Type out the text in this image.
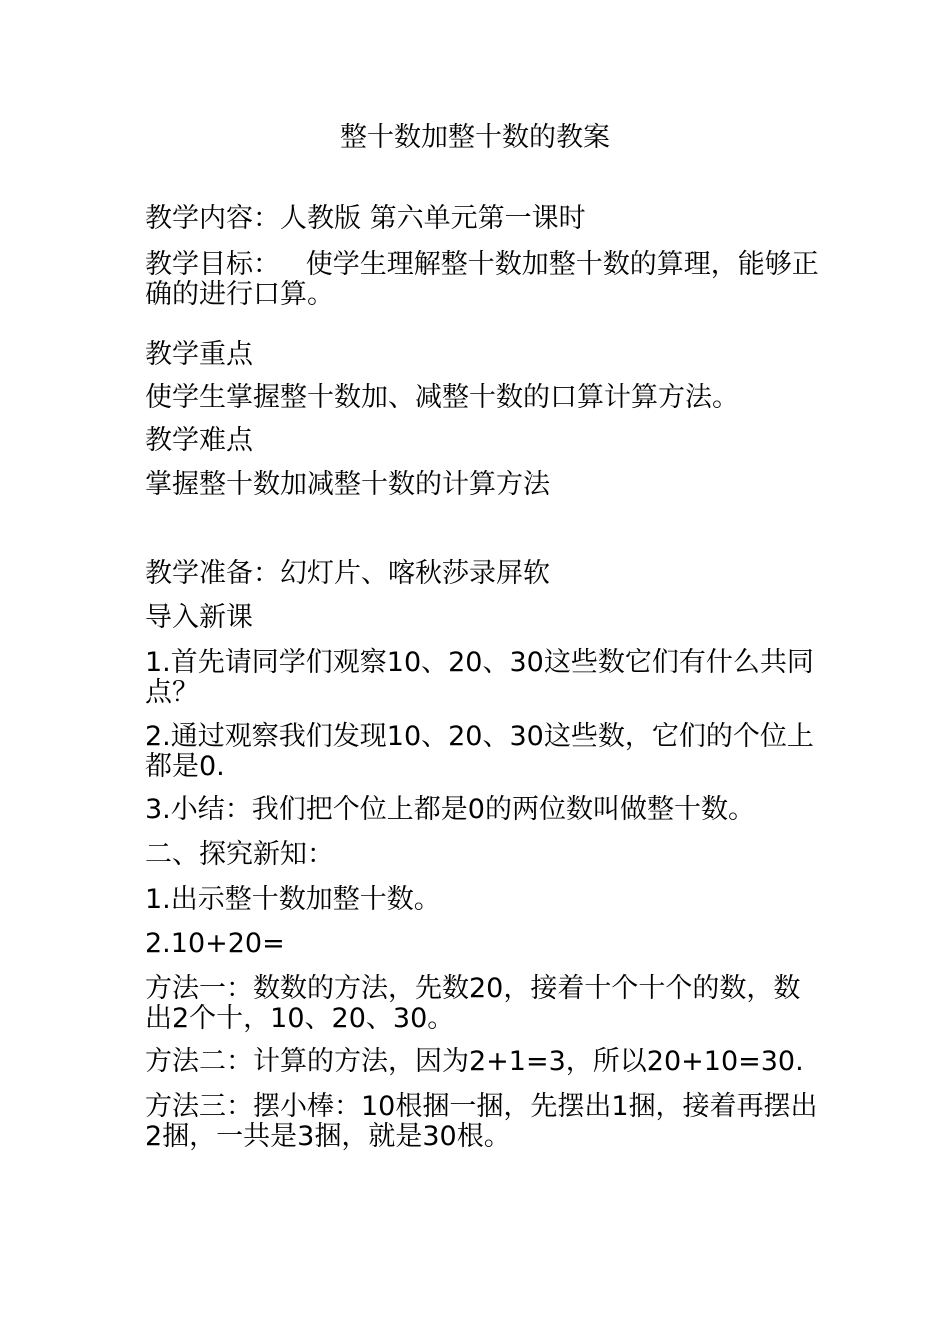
整十数加整十数的教案
教学内容：人教版 第六单元第一课时
教学目标：   使学生理解整十数加整十数的算理，能够正确的进行口算。
教学重点
使学生掌握整十数加、减整十数的口算计算方法。
教学难点
掌握整十数加减整十数的计算方法
教学准备：幻灯片、喀秋莎录屏软
导入新课
1.首先请同学们观察10、20、30这些数它们有什么共同点？
2.通过观察我们发现10、20、30这些数，它们的个位上都是0.
3.小结：我们把个位上都是0的两位数叫做整十数。
二、探究新知：
1.出示整十数加整十数。
2.10+20=
方法一：数数的方法，先数20，接着十个十个的数，数出2个十，10、20、30。
方法二：计算的方法，因为2+1=3，所以20+10=30.
方法三：摆小棒：10根捆一捆，先摆出1捆，接着再摆出2捆，一共是3捆，就是30根。
